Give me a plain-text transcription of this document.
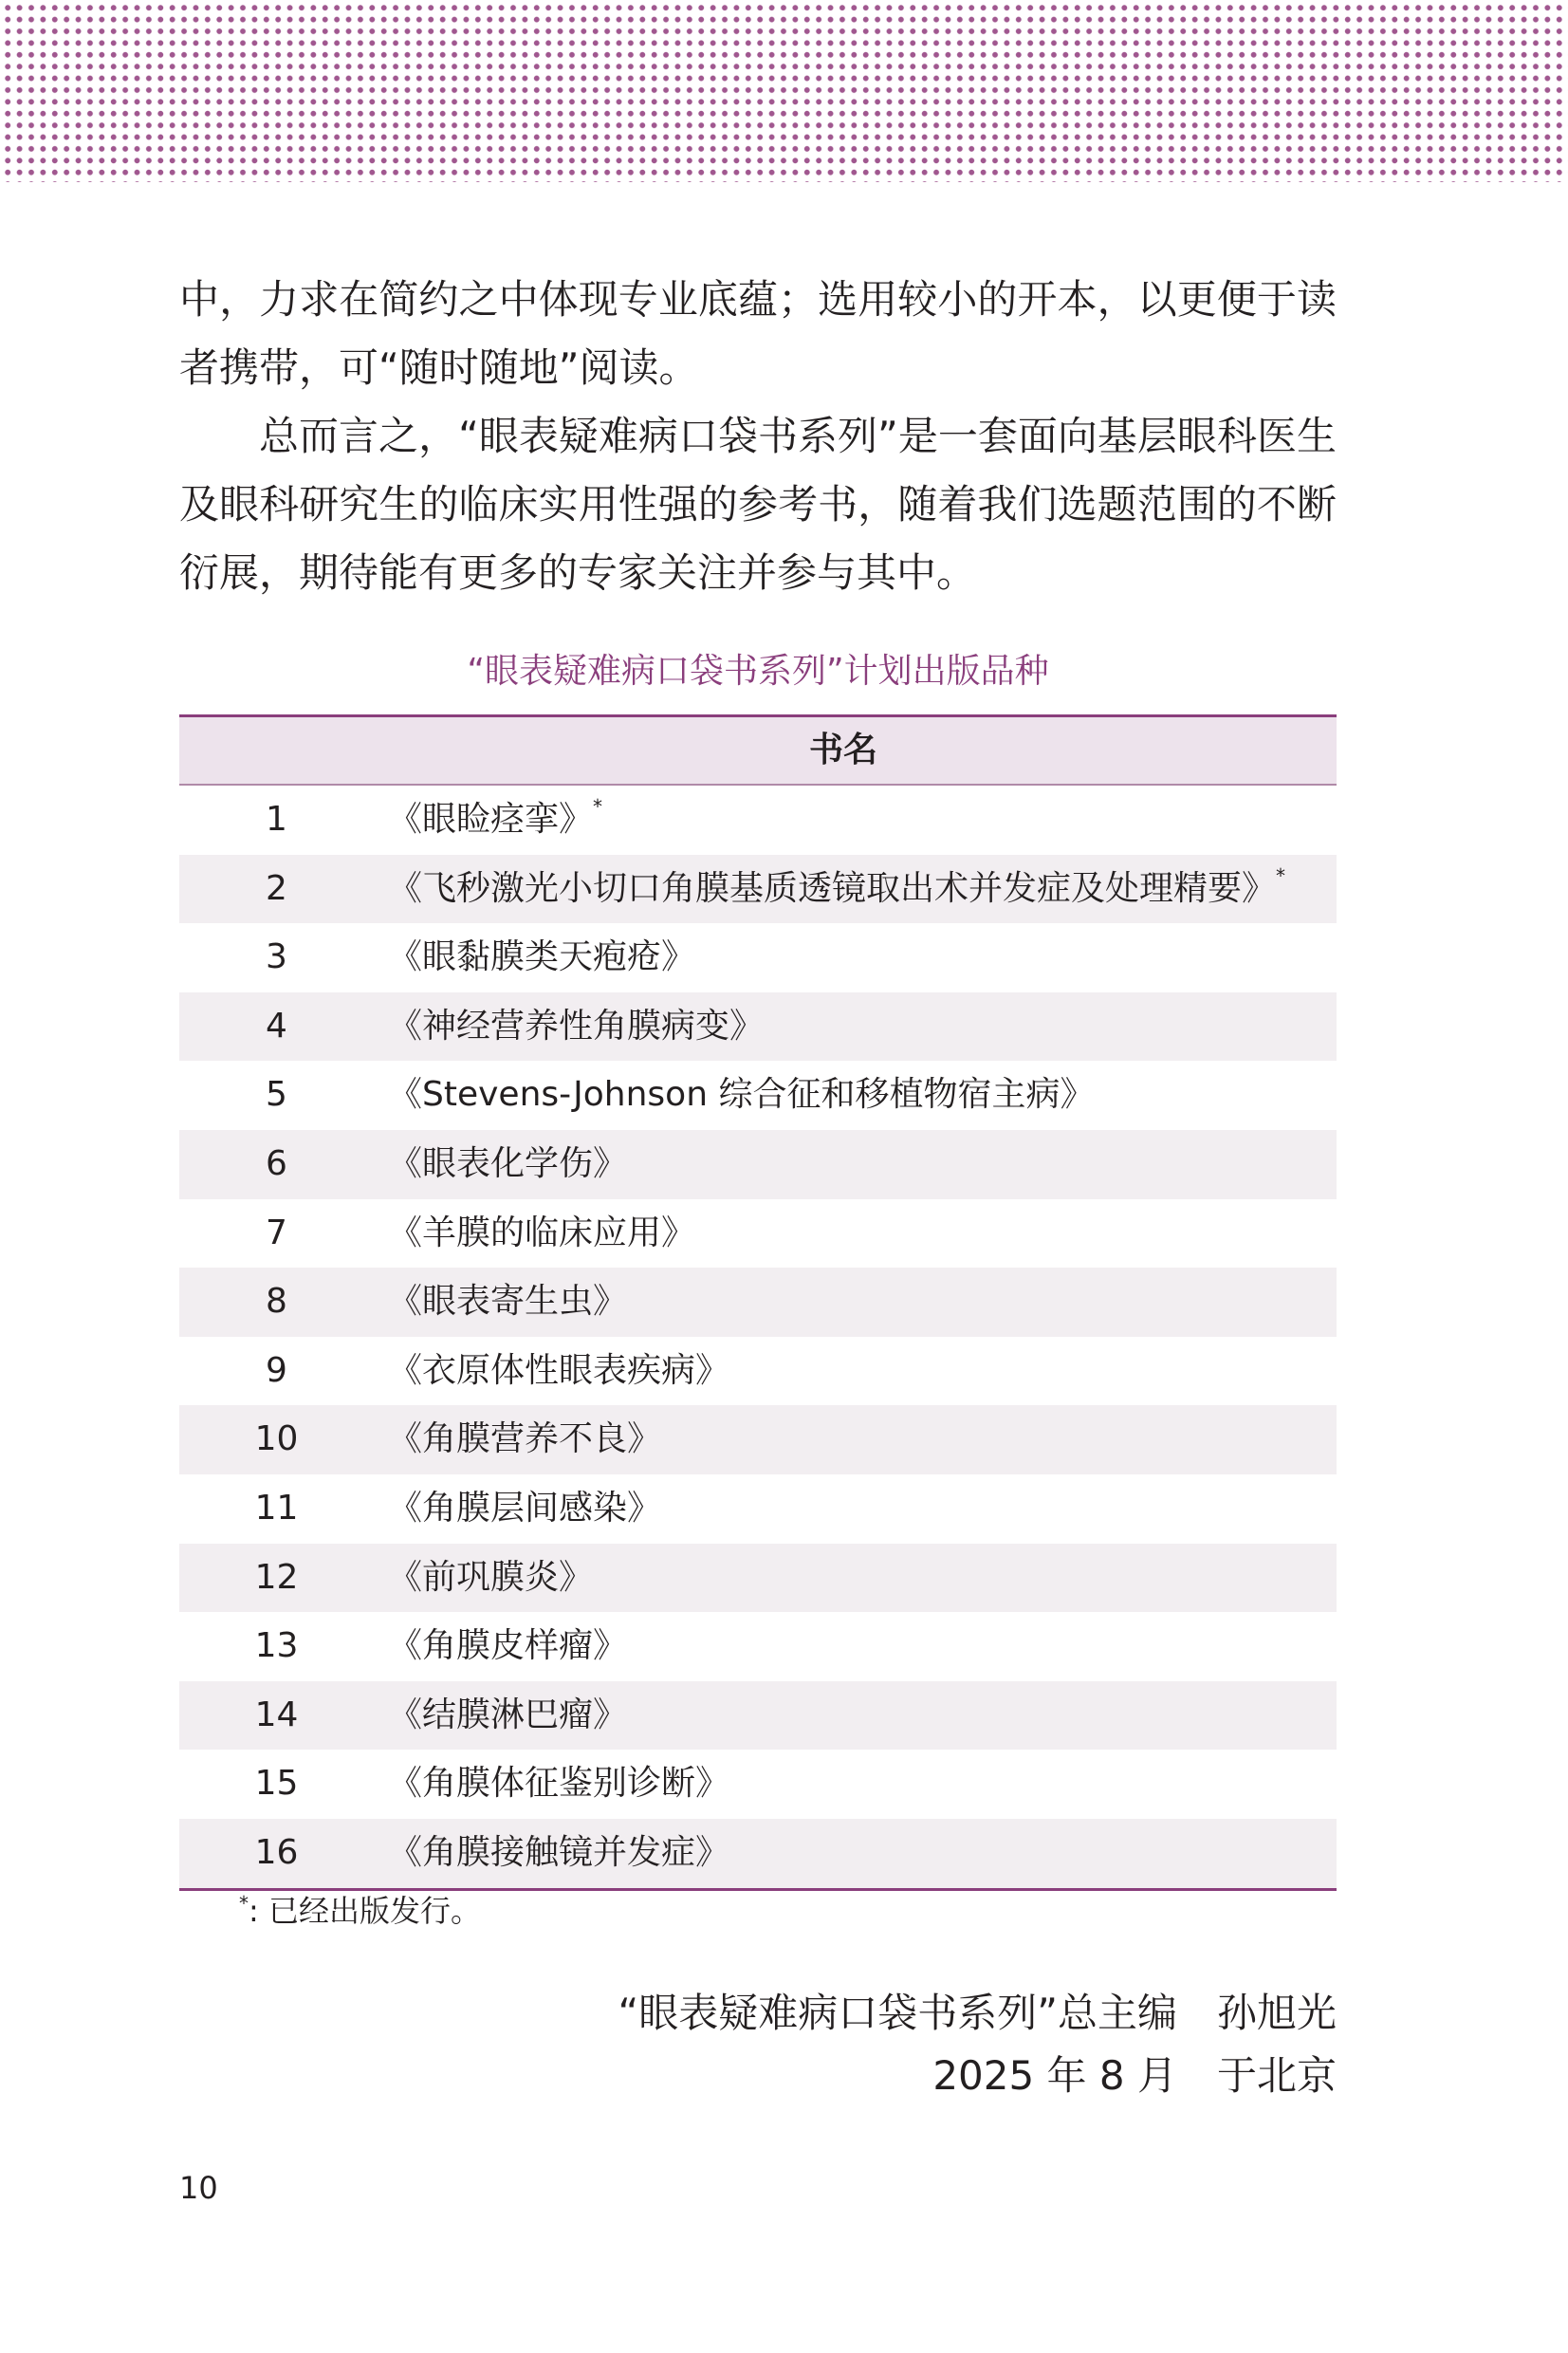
中，力求在简约之中体现专业底蕴；选用较小的开本，以更便于读者携带，可“随时随地”阅读。

总而言之，“眼表疑难病口袋书系列”是一套面向基层眼科医生及眼科研究生的临床实用性强的参考书，随着我们选题范围的不断衍展，期待能有更多的专家关注并参与其中。

“眼表疑难病口袋书系列”计划出版品种
书名
1	《眼睑痉挛》*
2	《飞秒激光小切口角膜基质透镜取出术并发症及处理精要》*
3	《眼黏膜类天疱疮》
4	《神经营养性角膜病变》
5	《Stevens-Johnson 综合征和移植物宿主病》
6	《眼表化学伤》
7	《羊膜的临床应用》
8	《眼表寄生虫》
9	《衣原体性眼表疾病》
10	《角膜营养不良》
11	《角膜层间感染》
12	《前巩膜炎》
13	《角膜皮样瘤》
14	《结膜淋巴瘤》
15	《角膜体征鉴别诊断》
16	《角膜接触镜并发症》
*: 已经出版发行。
“眼表疑难病口袋书系列”总主编 孙旭光
2025 年 8 月 于北京
10
